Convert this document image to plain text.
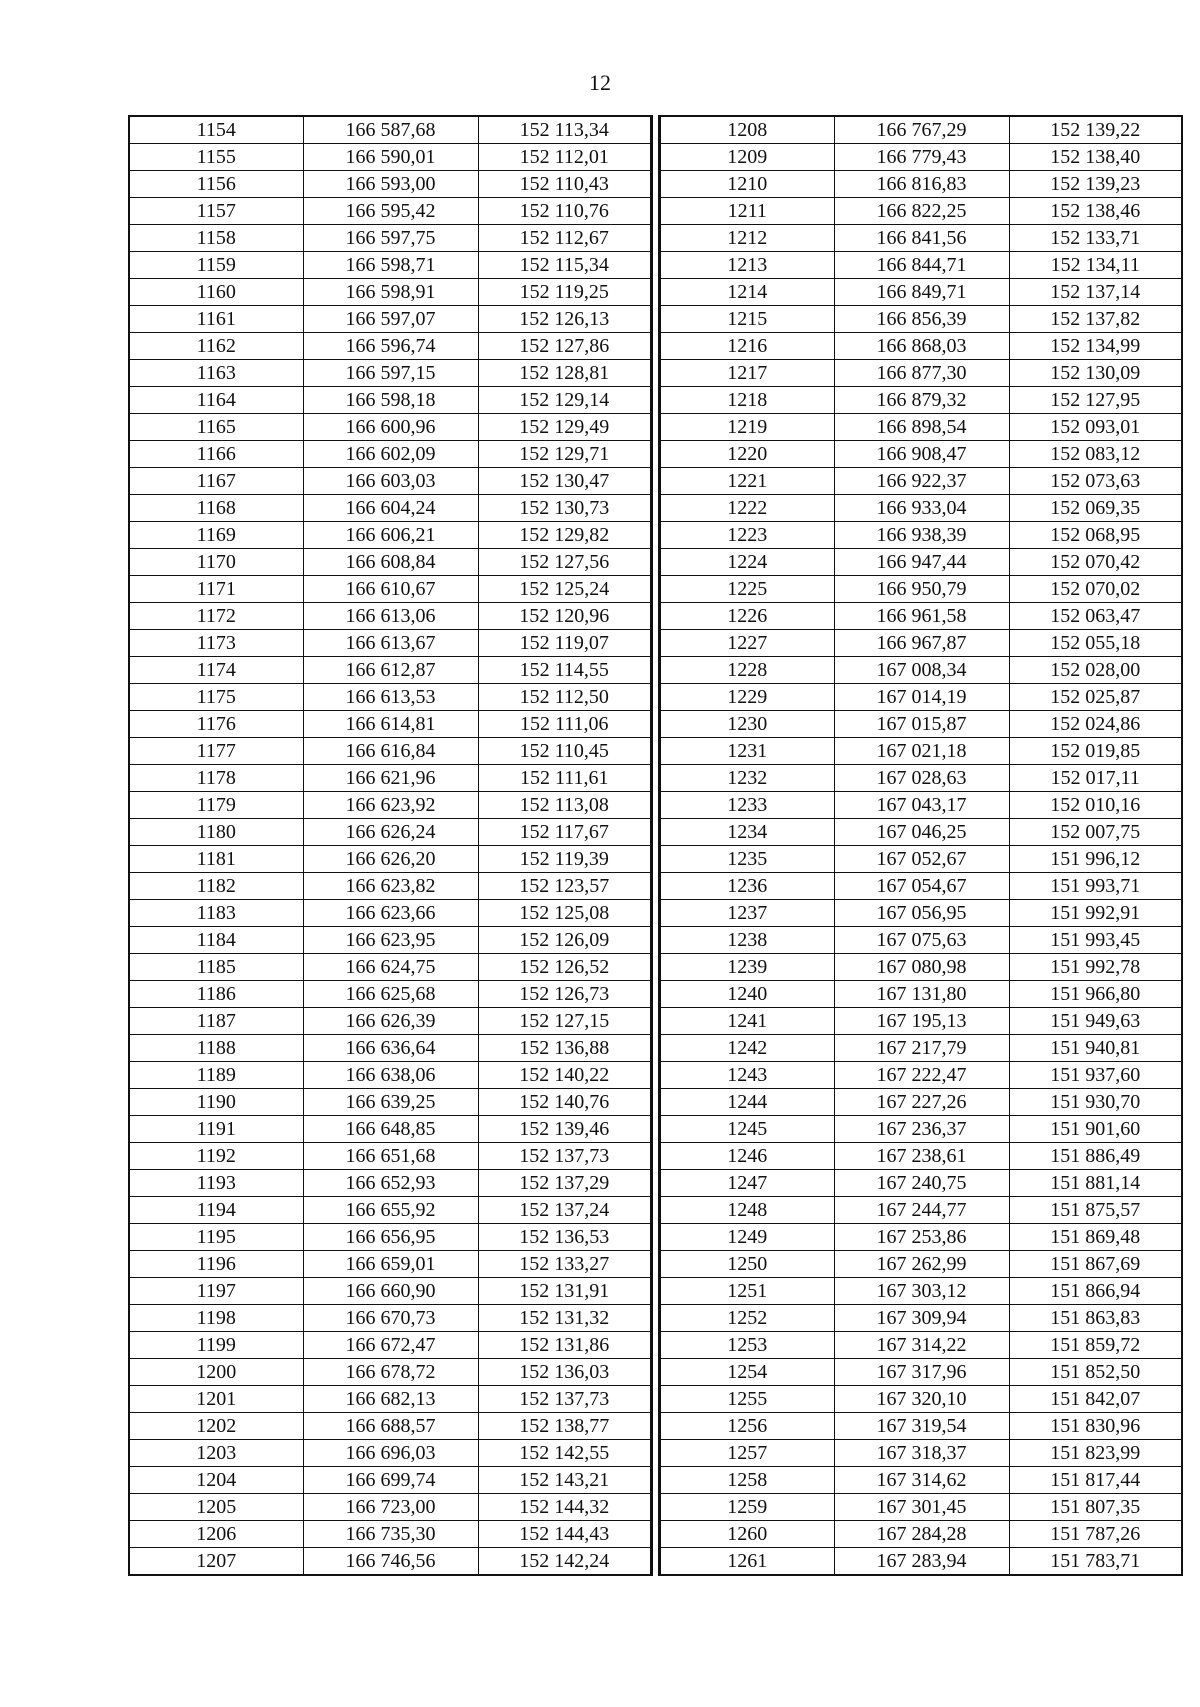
12
1154	166 587,68	152 113,34
1155	166 590,01	152 112,01
1156	166 593,00	152 110,43
1157	166 595,42	152 110,76
1158	166 597,75	152 112,67
1159	166 598,71	152 115,34
1160	166 598,91	152 119,25
1161	166 597,07	152 126,13
1162	166 596,74	152 127,86
1163	166 597,15	152 128,81
1164	166 598,18	152 129,14
1165	166 600,96	152 129,49
1166	166 602,09	152 129,71
1167	166 603,03	152 130,47
1168	166 604,24	152 130,73
1169	166 606,21	152 129,82
1170	166 608,84	152 127,56
1171	166 610,67	152 125,24
1172	166 613,06	152 120,96
1173	166 613,67	152 119,07
1174	166 612,87	152 114,55
1175	166 613,53	152 112,50
1176	166 614,81	152 111,06
1177	166 616,84	152 110,45
1178	166 621,96	152 111,61
1179	166 623,92	152 113,08
1180	166 626,24	152 117,67
1181	166 626,20	152 119,39
1182	166 623,82	152 123,57
1183	166 623,66	152 125,08
1184	166 623,95	152 126,09
1185	166 624,75	152 126,52
1186	166 625,68	152 126,73
1187	166 626,39	152 127,15
1188	166 636,64	152 136,88
1189	166 638,06	152 140,22
1190	166 639,25	152 140,76
1191	166 648,85	152 139,46
1192	166 651,68	152 137,73
1193	166 652,93	152 137,29
1194	166 655,92	152 137,24
1195	166 656,95	152 136,53
1196	166 659,01	152 133,27
1197	166 660,90	152 131,91
1198	166 670,73	152 131,32
1199	166 672,47	152 131,86
1200	166 678,72	152 136,03
1201	166 682,13	152 137,73
1202	166 688,57	152 138,77
1203	166 696,03	152 142,55
1204	166 699,74	152 143,21
1205	166 723,00	152 144,32
1206	166 735,30	152 144,43
1207	166 746,56	152 142,24
1208	166 767,29	152 139,22
1209	166 779,43	152 138,40
1210	166 816,83	152 139,23
1211	166 822,25	152 138,46
1212	166 841,56	152 133,71
1213	166 844,71	152 134,11
1214	166 849,71	152 137,14
1215	166 856,39	152 137,82
1216	166 868,03	152 134,99
1217	166 877,30	152 130,09
1218	166 879,32	152 127,95
1219	166 898,54	152 093,01
1220	166 908,47	152 083,12
1221	166 922,37	152 073,63
1222	166 933,04	152 069,35
1223	166 938,39	152 068,95
1224	166 947,44	152 070,42
1225	166 950,79	152 070,02
1226	166 961,58	152 063,47
1227	166 967,87	152 055,18
1228	167 008,34	152 028,00
1229	167 014,19	152 025,87
1230	167 015,87	152 024,86
1231	167 021,18	152 019,85
1232	167 028,63	152 017,11
1233	167 043,17	152 010,16
1234	167 046,25	152 007,75
1235	167 052,67	151 996,12
1236	167 054,67	151 993,71
1237	167 056,95	151 992,91
1238	167 075,63	151 993,45
1239	167 080,98	151 992,78
1240	167 131,80	151 966,80
1241	167 195,13	151 949,63
1242	167 217,79	151 940,81
1243	167 222,47	151 937,60
1244	167 227,26	151 930,70
1245	167 236,37	151 901,60
1246	167 238,61	151 886,49
1247	167 240,75	151 881,14
1248	167 244,77	151 875,57
1249	167 253,86	151 869,48
1250	167 262,99	151 867,69
1251	167 303,12	151 866,94
1252	167 309,94	151 863,83
1253	167 314,22	151 859,72
1254	167 317,96	151 852,50
1255	167 320,10	151 842,07
1256	167 319,54	151 830,96
1257	167 318,37	151 823,99
1258	167 314,62	151 817,44
1259	167 301,45	151 807,35
1260	167 284,28	151 787,26
1261	167 283,94	151 783,71
